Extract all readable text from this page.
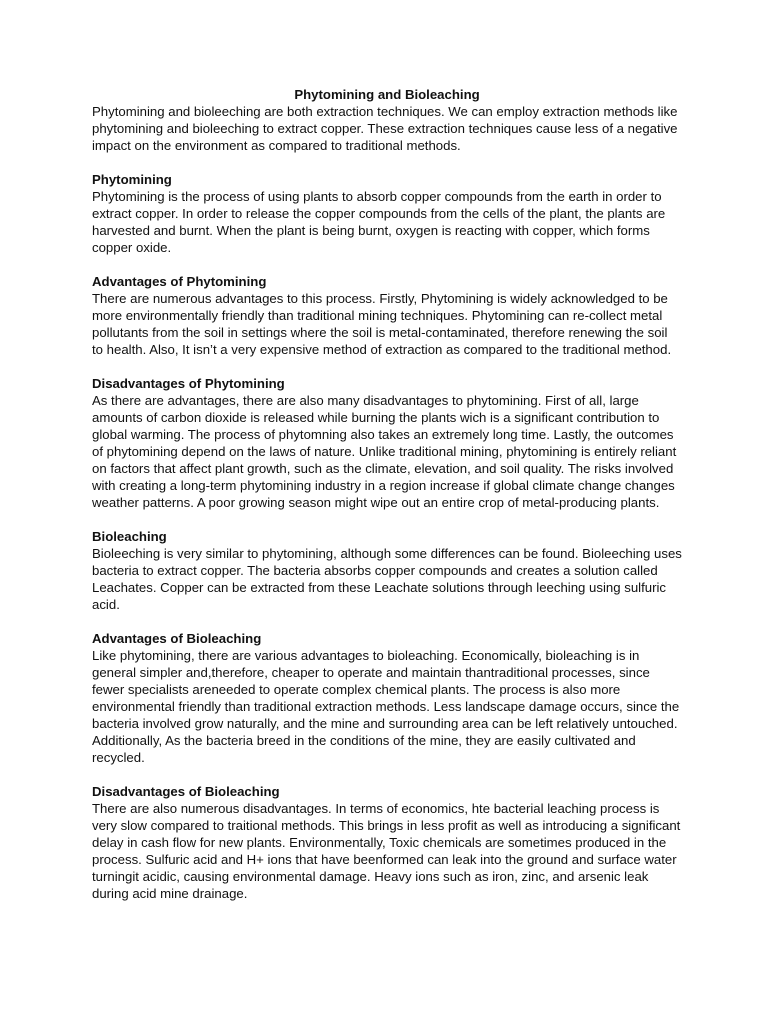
Phytomining and Bioleaching

Phytomining and bioleeching are both extraction techniques. We can employ extraction methods like phytomining and bioleeching to extract copper. These extraction techniques cause less of a negative impact on the environment as compared to traditional methods.

Phytomining

Phytomining is the process of using plants to absorb copper compounds from the earth in order to extract copper. In order to release the copper compounds from the cells of the plant, the plants are harvested and burnt. When the plant is being burnt, oxygen is reacting with copper, which forms copper oxide.

Advantages of Phytomining

There are numerous advantages to this process. Firstly, Phytomining is widely acknowledged to be more environmentally friendly than traditional mining techniques. Phytomining can re-collect metal pollutants from the soil in settings where the soil is metal-contaminated, therefore renewing the soil to health. Also, It isn’t a very expensive method of extraction as compared to the traditional method.

Disadvantages of Phytomining

As there are advantages, there are also many disadvantages to phytomining. First of all, large amounts of carbon dioxide is released while burning the plants wich is a significant contribution to global warming. The process of phytomning also takes an extremely long time. Lastly, the outcomes of phytomining depend on the laws of nature. Unlike traditional mining, phytomining is entirely reliant on factors that affect plant growth, such as the climate, elevation, and soil quality. The risks involved with creating a long-term phytomining industry in a region increase if global climate change changes weather patterns. A poor growing season might wipe out an entire crop of metal-producing plants.

Bioleaching

Bioleeching is very similar to phytomining, although some differences can be found. Bioleeching uses bacteria to extract copper. The bacteria absorbs copper compounds and creates a solution called Leachates. Copper can be extracted from these Leachate solutions through leeching using sulfuric acid.

Advantages of Bioleaching

Like phytomining, there are various advantages to bioleaching. Economically, bioleaching is in general simpler and,therefore, cheaper to operate and maintain thantraditional processes, since fewer specialists areneeded to operate complex chemical plants. The process is also more environmental friendly than traditional extraction methods. Less landscape damage occurs, since the bacteria involved grow naturally, and the mine and surrounding area can be left relatively untouched. Additionally, As the bacteria breed in the conditions of the mine, they are easily cultivated and recycled.

Disadvantages of Bioleaching

There are also numerous disadvantages. In terms of economics, hte bacterial leaching process is very slow compared to traitional methods. This brings in less profit as well as introducing a significant delay in cash flow for new plants. Environmentally, Toxic chemicals are sometimes produced in the process. Sulfuric acid and H+ ions that have beenformed can leak into the ground and surface water turningit acidic, causing environmental damage. Heavy ions such as iron, zinc, and arsenic leak during acid mine drainage.
